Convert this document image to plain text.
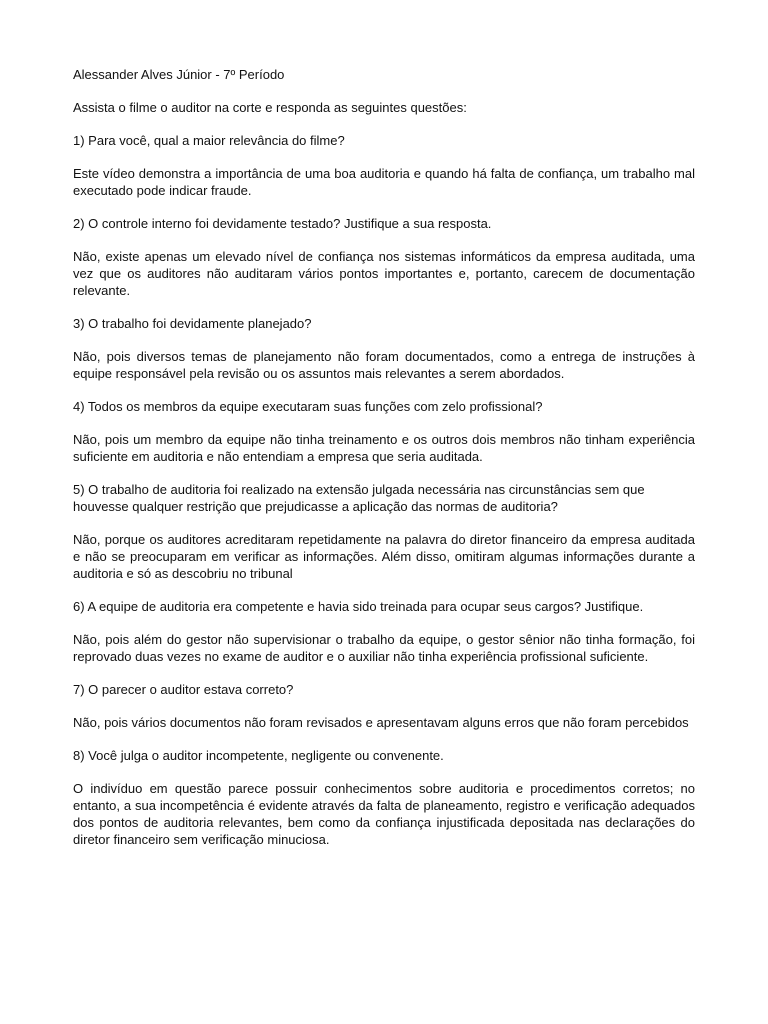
Alessander Alves Júnior - 7º Período

Assista o filme o auditor na corte e responda as seguintes questões:

1) Para você, qual a maior relevância do filme?

Este vídeo demonstra a importância de uma boa auditoria e quando há falta de confiança, um trabalho mal executado pode indicar fraude.

2) O controle interno foi devidamente testado? Justifique a sua resposta.

Não, existe apenas um elevado nível de confiança nos sistemas informáticos da empresa auditada, uma vez que os auditores não auditaram vários pontos importantes e, portanto, carecem de documentação relevante.

3) O trabalho foi devidamente planejado?

Não, pois diversos temas de planejamento não foram documentados, como a entrega de instruções à equipe responsável pela revisão ou os assuntos mais relevantes a serem abordados.

4) Todos os membros da equipe executaram suas funções com zelo profissional?

Não, pois um membro da equipe não tinha treinamento e os outros dois membros não tinham experiência suficiente em auditoria e não entendiam a empresa que seria auditada.

5) O trabalho de auditoria foi realizado na extensão julgada necessária nas circunstâncias sem que houvesse qualquer restrição que prejudicasse a aplicação das normas de auditoria?

Não, porque os auditores acreditaram repetidamente na palavra do diretor financeiro da empresa auditada e não se preocuparam em verificar as informações. Além disso, omitiram algumas informações durante a auditoria e só as descobriu no tribunal

6) A equipe de auditoria era competente e havia sido treinada para ocupar seus cargos? Justifique.

Não, pois além do gestor não supervisionar o trabalho da equipe, o gestor sênior não tinha formação, foi reprovado duas vezes no exame de auditor e o auxiliar não tinha experiência profissional suficiente.

7) O parecer o auditor estava correto?

Não, pois vários documentos não foram revisados e apresentavam alguns erros que não foram percebidos

8) Você julga o auditor incompetente, negligente ou convenente.

O indivíduo em questão parece possuir conhecimentos sobre auditoria e procedimentos corretos; no entanto, a sua incompetência é evidente através da falta de planeamento, registro e verificação adequados dos pontos de auditoria relevantes, bem como da confiança injustificada depositada nas declarações do diretor financeiro sem verificação minuciosa.
